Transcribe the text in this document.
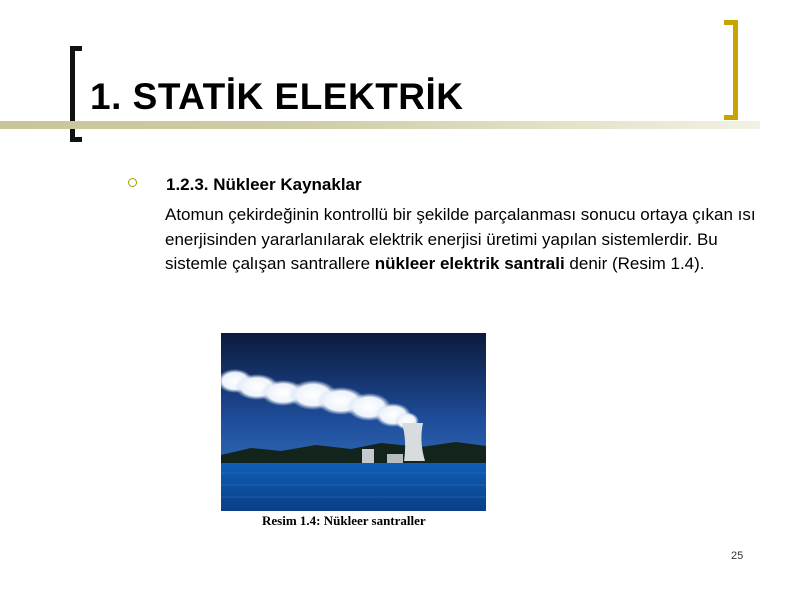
1. STATİK ELEKTRİK
1.2.3. Nükleer Kaynaklar

Atomun çekirdeğinin kontrollü bir şekilde parçalanması sonucu ortaya çıkan ısı enerjisinden yararlanılarak elektrik enerjisi üretimi yapılan sistemlerdir. Bu sistemle çalışan santrallere nükleer elektrik santrali denir (Resim 1.4).

Resim 1.4: Nükleer santraller

25
